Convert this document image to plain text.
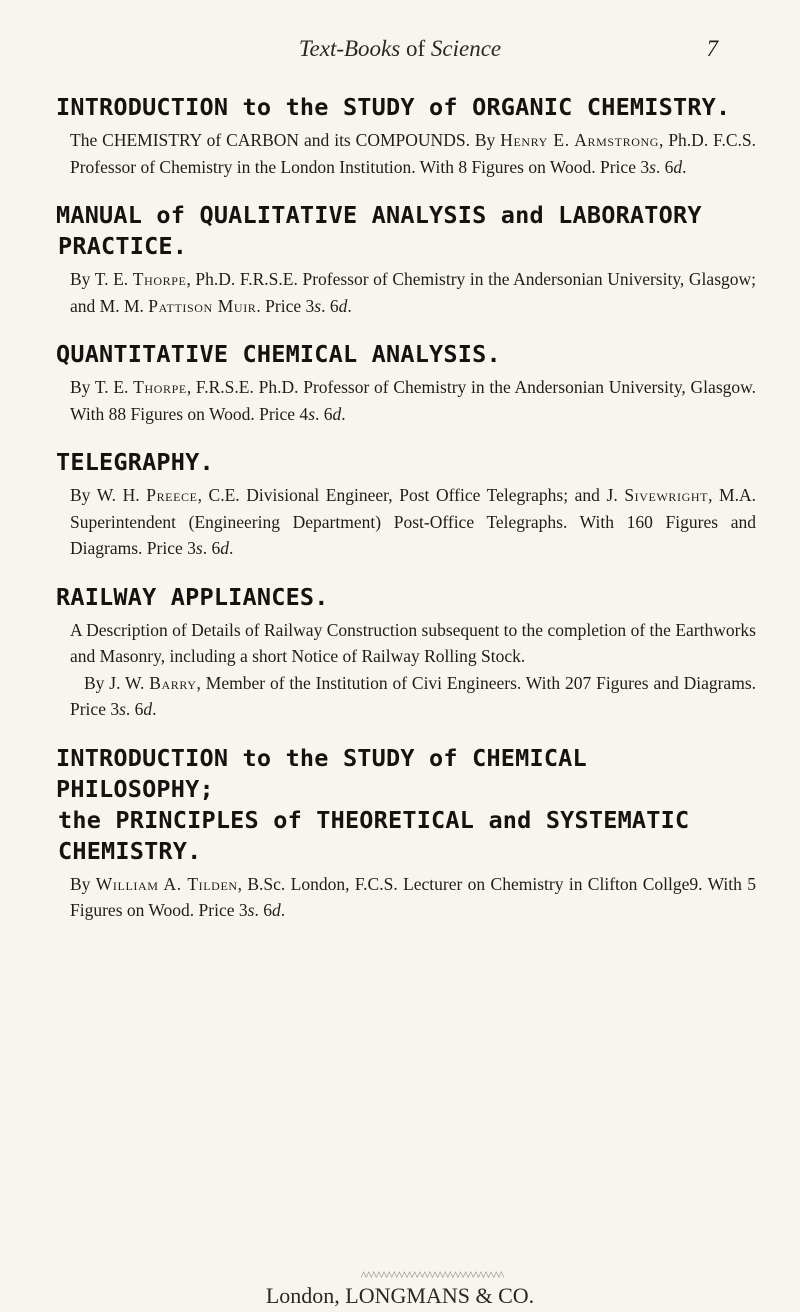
Text-Books of Science	7
INTRODUCTION to the STUDY of ORGANIC CHEMISTRY.

The CHEMISTRY of CARBON and its COMPOUNDS. By Henry E. Armstrong, Ph.D. F.C.S. Professor of Chemistry in the London Institution. With 8 Figures on Wood. Price 3s. 6d.

MANUAL of QUALITATIVE ANALYSIS and LABORATORY
PRACTICE.

By T. E. Thorpe, Ph.D. F.R.S.E. Professor of Chemistry in the Andersonian University, Glasgow; and M. M. Pattison Muir. Price 3s. 6d.

QUANTITATIVE CHEMICAL ANALYSIS.

By T. E. Thorpe, F.R.S.E. Ph.D. Professor of Chemistry in the Andersonian University, Glasgow. With 88 Figures on Wood. Price 4s. 6d.

TELEGRAPHY.

By W. H. Preece, C.E. Divisional Engineer, Post Office Telegraphs; and J. Sivewright, M.A. Superintendent (Engineering Department) Post-Office Telegraphs. With 160 Figures and Diagrams. Price 3s. 6d.

RAILWAY APPLIANCES.

A Description of Details of Railway Construction subsequent to the completion of the Earthworks and Masonry, including a short Notice of Railway Rolling Stock.

By J. W. Barry, Member of the Institution of Civi Engineers. With 207 Figures and Diagrams. Price 3s. 6d.

INTRODUCTION to the STUDY of CHEMICAL PHILOSOPHY;
the PRINCIPLES of THEORETICAL and SYSTEMATIC CHEMISTRY.

By William A. Tilden, B.Sc. London, F.C.S. Lecturer on Chemistry in Clifton Collge9. With 5 Figures on Wood. Price 3s. 6d.

^^^^^^^^^^^^^^^^^^^^^^^^^^^^
London, LONGMANS & CO.
